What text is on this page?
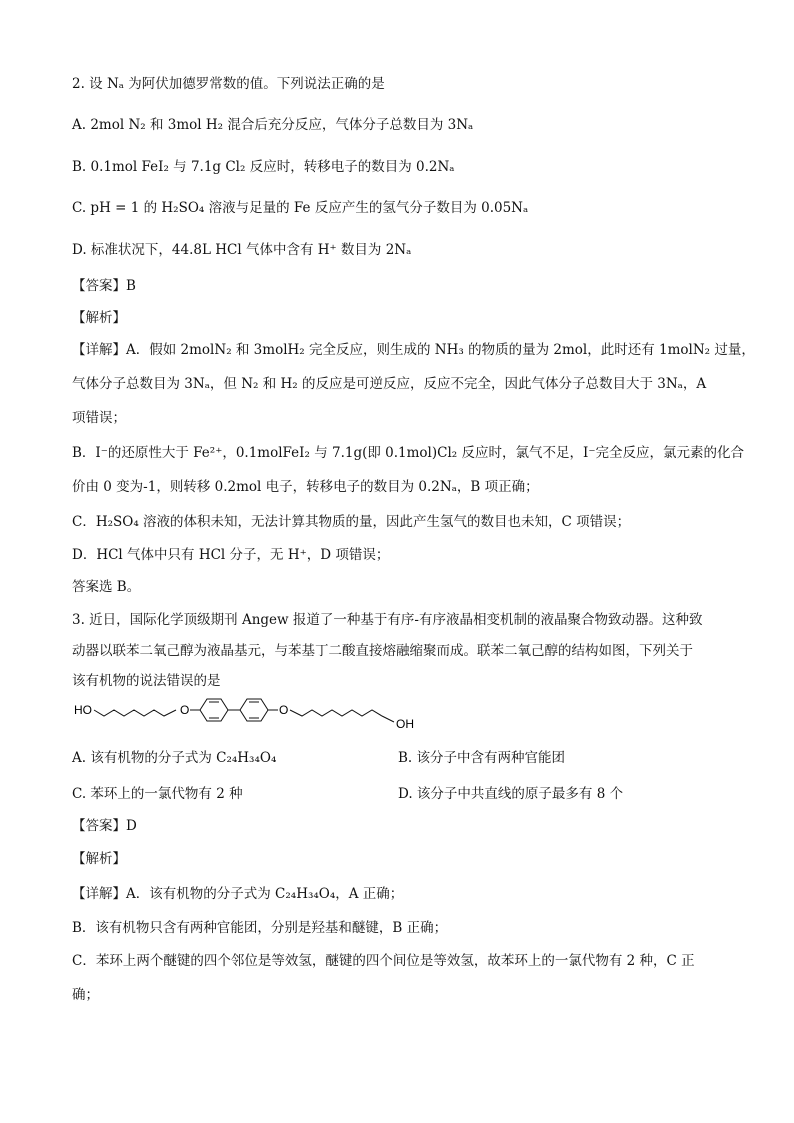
2. 设 Nₐ 为阿伏加德罗常数的值。下列说法正确的是
A. 2mol N₂ 和 3mol H₂ 混合后充分反应，气体分子总数目为 3Nₐ
B. 0.1mol FeI₂ 与 7.1g Cl₂ 反应时，转移电子的数目为 0.2Nₐ
C. pH = 1 的 H₂SO₄ 溶液与足量的 Fe 反应产生的氢气分子数目为 0.05Nₐ
D. 标准状况下，44.8L HCl 气体中含有 H⁺ 数目为 2Nₐ
【答案】B
【解析】
【详解】A．假如 2molN₂ 和 3molH₂ 完全反应，则生成的 NH₃ 的物质的量为 2mol，此时还有 1molN₂ 过量，
气体分子总数目为 3Nₐ，但 N₂ 和 H₂ 的反应是可逆反应，反应不完全，因此气体分子总数目大于 3Nₐ，A
项错误；
B．I⁻的还原性大于 Fe²⁺，0.1molFeI₂ 与 7.1g(即 0.1mol)Cl₂ 反应时，氯气不足，I⁻完全反应，氯元素的化合
价由 0 变为-1，则转移 0.2mol 电子，转移电子的数目为 0.2Nₐ，B 项正确；
C．H₂SO₄ 溶液的体积未知，无法计算其物质的量，因此产生氢气的数目也未知，C 项错误；
D．HCl 气体中只有 HCl 分子，无 H⁺，D 项错误；
答案选 B。
3. 近日，国际化学顶级期刊 Angew 报道了一种基于有序-有序液晶相变机制的液晶聚合物致动器。这种致
动器以联苯二氧己醇为液晶基元，与苯基丁二酸直接熔融缩聚而成。联苯二氧己醇的结构如图，下列关于
该有机物的说法错误的是
HO	O	O
OH
A. 该有机物的分子式为 C₂₄H₃₄O₄	B. 该分子中含有两种官能团
C. 苯环上的一氯代物有 2 种	D. 该分子中共直线的原子最多有 8 个
【答案】D
【解析】
【详解】A．该有机物的分子式为 C₂₄H₃₄O₄，A 正确；
B．该有机物只含有两种官能团，分别是羟基和醚键，B 正确；
C．苯环上两个醚键的四个邻位是等效氢，醚键的四个间位是等效氢，故苯环上的一氯代物有 2 种，C 正
确；
